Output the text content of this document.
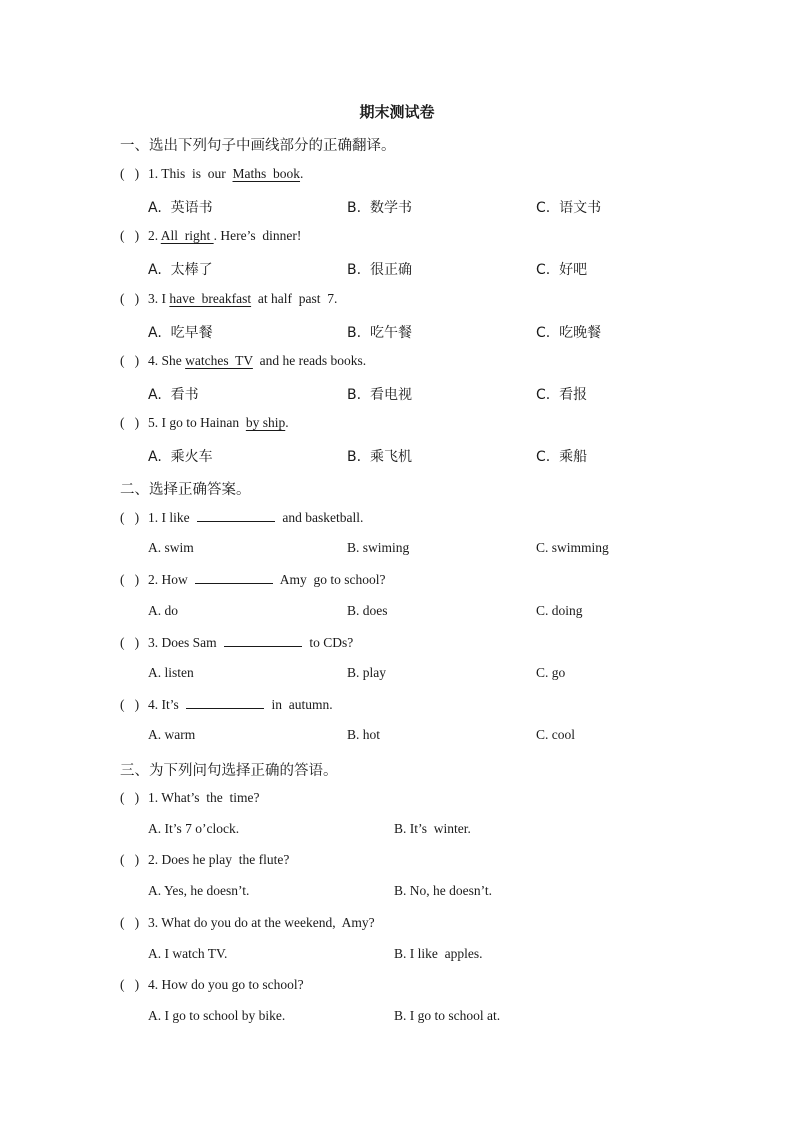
期末测试卷
一、选出下列句子中画线部分的正确翻译。
(   ) 1. This  is  our  Maths  book.
A.  英语书	B.  数学书	C.  语文书
(   ) 2. All  right . Here’s  dinner!
A.  太棒了	B.  很正确	C.  好吧
(   ) 3. I have  breakfast  at half  past  7.
A.  吃早餐	B.  吃午餐	C.  吃晚餐
(   ) 4. She watches  TV  and he reads books.
A.  看书	B.  看电视	C.  看报
(   ) 5. I go to Hainan  by ship.
A.  乘火车	B.  乘飞机	C.  乘船
二、选择正确答案。
(   ) 1. I like	and basketball.
A. swim	B. swiming	C. swimming
(   ) 2. How	Amy  go to school?
A. do	B. does	C. doing
(   ) 3. Does Sam	to CDs?
A. listen	B. play	C. go
(   ) 4. It’s	in  autumn.
A. warm	B. hot	C. cool
三、为下列问句选择正确的答语。
(   ) 1. What’s  the  time?
A. It’s 7 o’clock.	B. It’s  winter.
(   ) 2. Does he play  the flute?
A. Yes, he doesn’t.	B. No, he doesn’t.
(   ) 3. What do you do at the weekend,  Amy?
A. I watch TV.	B. I like  apples.
(   ) 4. How do you go to school?
A. I go to school by bike.	B. I go to school at.
